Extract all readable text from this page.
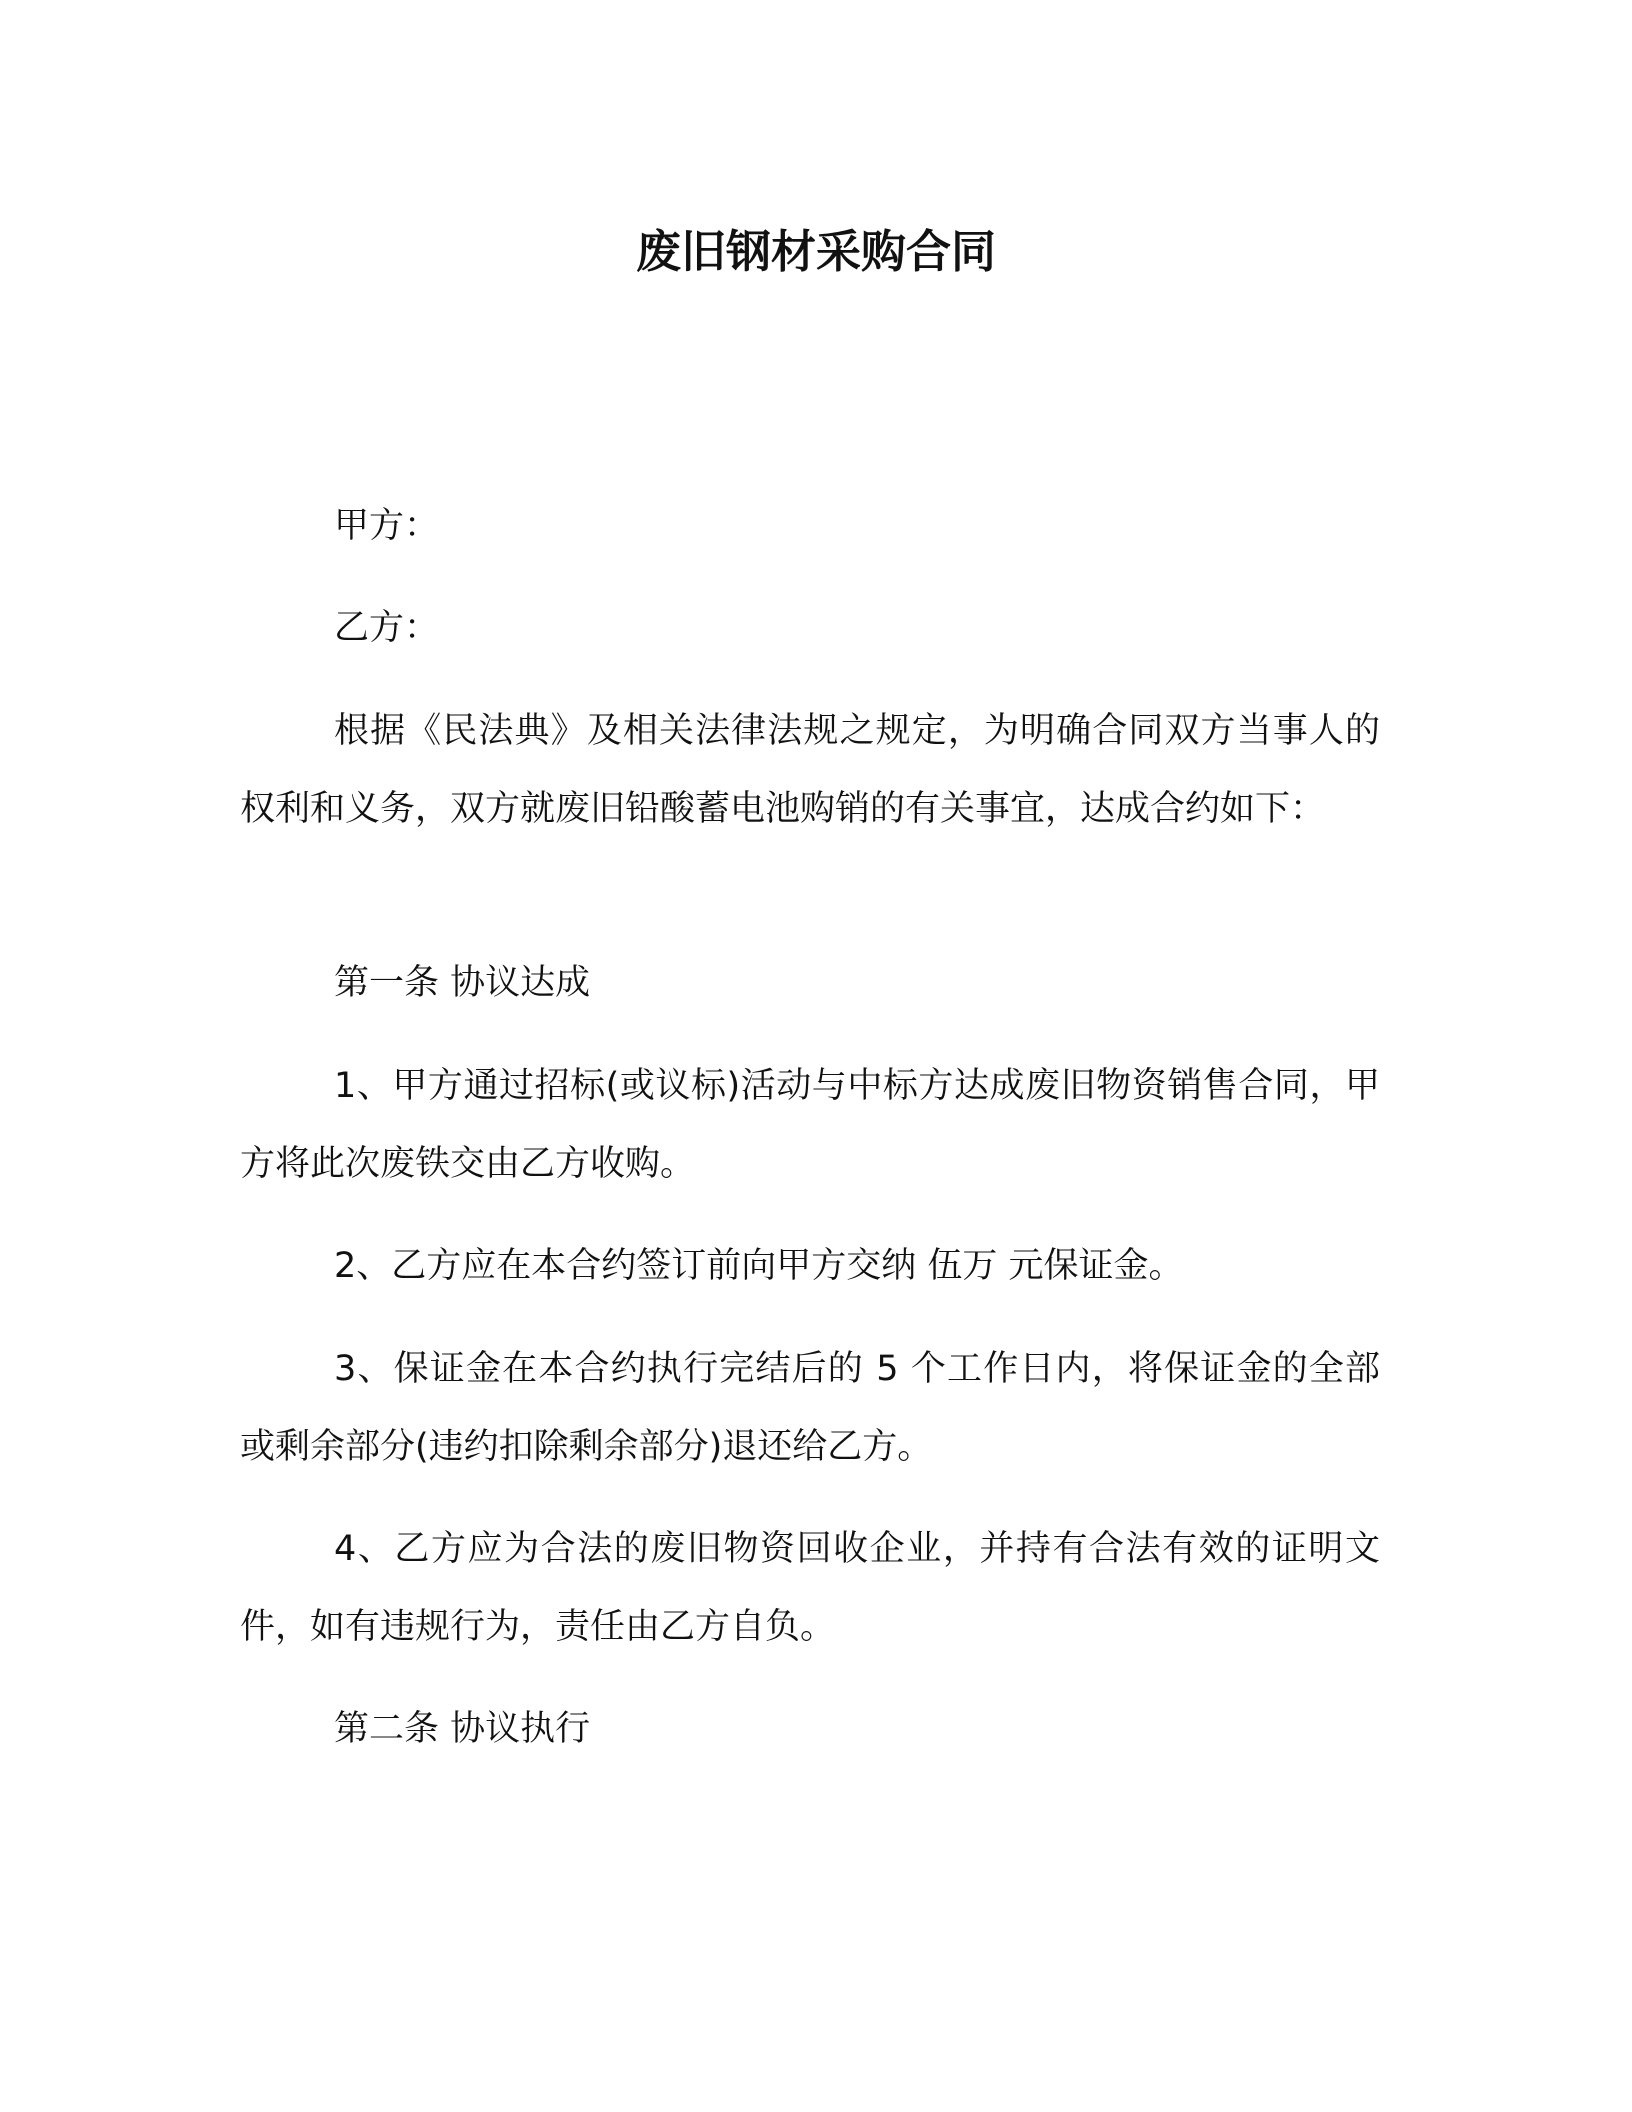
废旧钢材采购合同
甲方：
乙方：
根据《民法典》及相关法律法规之规定，为明确合同双方当事人的权利和义务，双方就废旧铅酸蓄电池购销的有关事宜，达成合约如下：
第一条 协议达成
1、甲方通过招标(或议标)活动与中标方达成废旧物资销售合同，甲方将此次废铁交由乙方收购。
2、乙方应在本合约签订前向甲方交纳 伍万 元保证金。
3、保证金在本合约执行完结后的 5 个工作日内，将保证金的全部或剩余部分(违约扣除剩余部分)退还给乙方。
4、乙方应为合法的废旧物资回收企业，并持有合法有效的证明文件，如有违规行为，责任由乙方自负。
第二条 协议执行
